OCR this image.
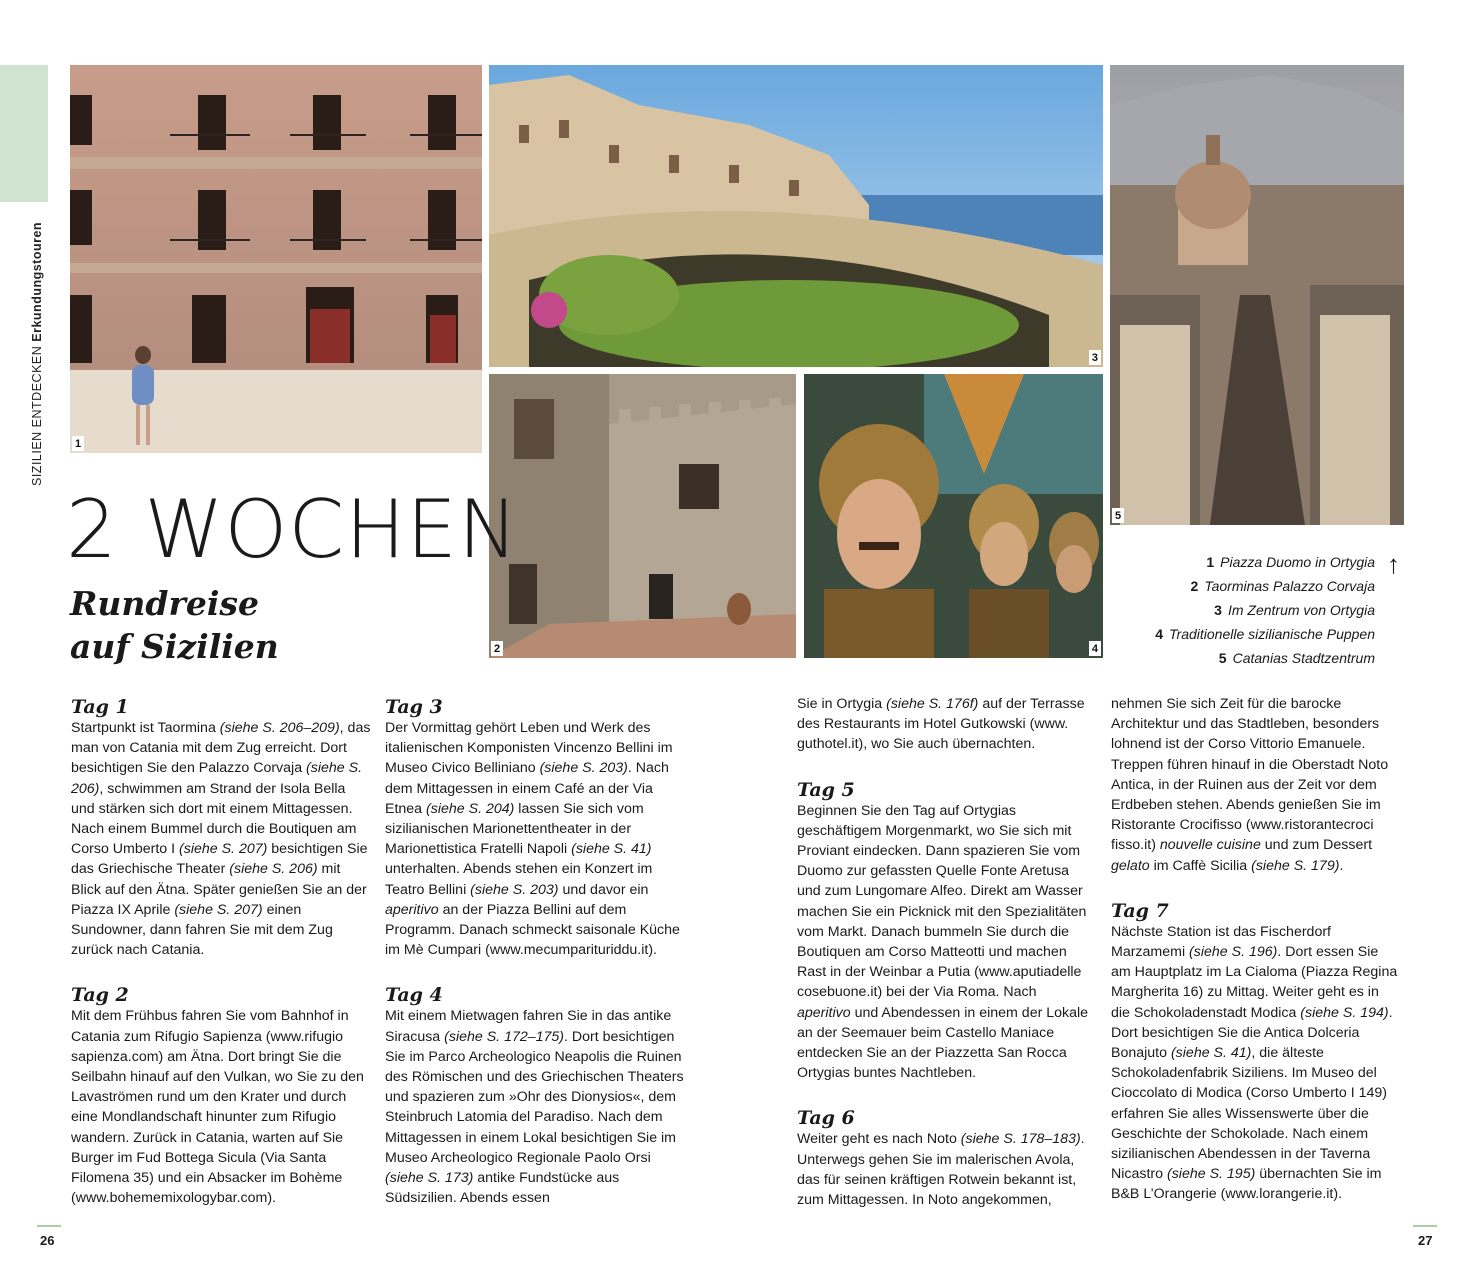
SIZILIEN ENTDECKEN Erkundungstouren
1
3
5
2	4
2 WOCHEN
Rundreise
auf Sizilien
↑
1 Piazza Duomo in Ortygia
2 Taorminas Palazzo Corvaja
3 Im Zentrum von Ortygia
4 Traditionelle sizilianische Puppen
5 Catanias Stadtzentrum
Tag 1

Startpunkt ist Taormina (siehe S. 206–209), das man von Catania mit dem Zug erreicht. Dort besichtigen Sie den Palazzo Corvaja (siehe S. 206), schwimmen am Strand der Isola Bella und stärken sich dort mit einem Mittagessen. Nach einem Bummel durch die Boutiquen am Corso Umberto I (siehe S. 207) besichtigen Sie das Griechische Theater (siehe S. 206) mit Blick auf den Ätna. Später genießen Sie an der Piazza IX Aprile (siehe S. 207) einen Sundowner, dann fahren Sie mit dem Zug zurück nach Catania.

Tag 2

Mit dem Frühbus fahren Sie vom Bahnhof in Catania zum Rifugio Sapienza (www.rifugio sapienza.com) am Ätna. Dort bringt Sie die Seilbahn hinauf auf den Vulkan, wo Sie zu den Lavaströmen rund um den Krater und durch eine Mondlandschaft hinunter zum Rifugio wandern. Zurück in Catania, warten auf Sie Burger im Fud Bottega Sicula (Via Santa Filomena 35) und ein Absacker im Bohème (www.bohememixologybar.com).

Tag 3

Der Vormittag gehört Leben und Werk des italienischen Komponisten Vincenzo Bellini im Museo Civico Belliniano (siehe S. 203). Nach dem Mittagessen in einem Café an der Via Etnea (siehe S. 204) lassen Sie sich vom sizilianischen Marionettentheater in der Marionettistica Fratelli Napoli (siehe S. 41) unterhalten. Abends stehen ein Konzert im Teatro Bellini (siehe S. 203) und davor ein aperitivo an der Piazza Bellini auf dem Programm. Danach schmeckt saisonale Küche im Mè Cumpari (www.mecumparituriddu.it).

Tag 4

Mit einem Mietwagen fahren Sie in das antike Siracusa (siehe S. 172–175). Dort besichtigen Sie im Parco Archeologico Neapolis die Ruinen des Römischen und des Griechischen Theaters und spazieren zum »Ohr des Dionysios«, dem Steinbruch Latomia del Paradiso. Nach dem Mittagessen in einem Lokal besichtigen Sie im Museo Archeologico Regionale Paolo Orsi (siehe S. 173) antike Fundstücke aus Südsizilien. Abends essen

Sie in Ortygia (siehe S. 176f) auf der Terrasse des Restaurants im Hotel Gutkowski (www. guthotel.it), wo Sie auch übernachten.

Tag 5

Beginnen Sie den Tag auf Ortygias geschäftigem Morgenmarkt, wo Sie sich mit Proviant eindecken. Dann spazieren Sie vom Duomo zur gefassten Quelle Fonte Aretusa und zum Lungomare Alfeo. Direkt am Wasser machen Sie ein Picknick mit den Spezialitäten vom Markt. Danach bummeln Sie durch die Boutiquen am Corso Matteotti und machen Rast in der Weinbar a Putia (www.aputiadelle cosebuone.it) bei der Via Roma. Nach aperitivo und Abendessen in einem der Lokale an der Seemauer beim Castello Maniace entdecken Sie an der Piazzetta San Rocca Ortygias buntes Nachtleben.

Tag 6

Weiter geht es nach Noto (siehe S. 178–183). Unterwegs gehen Sie im malerischen Avola, das für seinen kräftigen Rotwein bekannt ist, zum Mittagessen. In Noto angekommen,

nehmen Sie sich Zeit für die barocke Architektur und das Stadtleben, besonders lohnend ist der Corso Vittorio Emanuele. Treppen führen hinauf in die Oberstadt Noto Antica, in der Ruinen aus der Zeit vor dem Erdbeben stehen. Abends genießen Sie im Ristorante Crocifisso (www.ristorantecroci fisso.it) nouvelle cuisine und zum Dessert gelato im Caffè Sicilia (siehe S. 179).

Tag 7

Nächste Station ist das Fischerdorf Marzamemi (siehe S. 196). Dort essen Sie am Hauptplatz im La Cialoma (Piazza Regina Margherita 16) zu Mittag. Weiter geht es in die Schokoladenstadt Modica (siehe S. 194). Dort besichtigen Sie die Antica Dolceria Bonajuto (siehe S. 41), die älteste Schokoladenfabrik Siziliens. Im Museo del Cioccolato di Modica (Corso Umberto I 149) erfahren Sie alles Wissenswerte über die Geschichte der Schokolade. Nach einem sizilianischen Abendessen in der Taverna Nicastro (siehe S. 195) übernachten Sie im B&B L’Orangerie (www.lorangerie.it).

26	27
